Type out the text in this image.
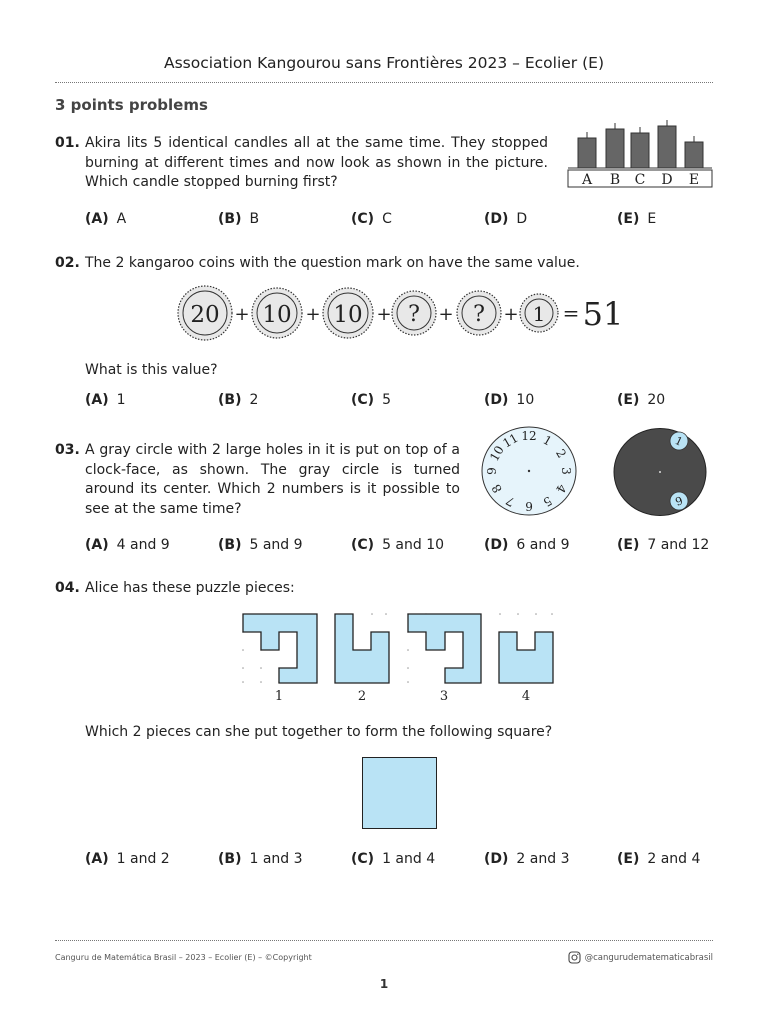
Association Kangourou sans Frontières 2023 – Ecolier (E)
3 points problems
01. Akira lits 5 identical candles all at the same time. They stopped burning at different times and now look as shown in the picture. Which candle stopped burning first?	A B C D E
(A) A	(B) B	(C) C	(D) D	(E) E
02. The 2 kangaroo coins with the question mark on have the same value.
20 + 10 + 10 + ? + ? + 1 = 51
What is this value?
(A) 1	(B) 2	(C) 5	(D) 10	(E) 20
03. A gray circle with 2 large holes in it is put on top of a clock-face, as shown. The gray circle is turned around its center. Which 2 numbers is it possible to see at the same time?
12 1
2
3
4
5
6
7
8
9
10
11	1
6
(A) 4 and 9	(B) 5 and 9	(C) 5 and 10	(D) 6 and 9	(E) 7 and 12
04. Alice has these puzzle pieces:
1	2	3	4
Which 2 pieces can she put together to form the following square?
(A) 1 and 2	(B) 1 and 3	(C) 1 and 4	(D) 2 and 3	(E) 2 and 4
Canguru de Matemática Brasil – 2023 – Ecolier (E) – ©Copyright	@cangurudematematicabrasil
1
